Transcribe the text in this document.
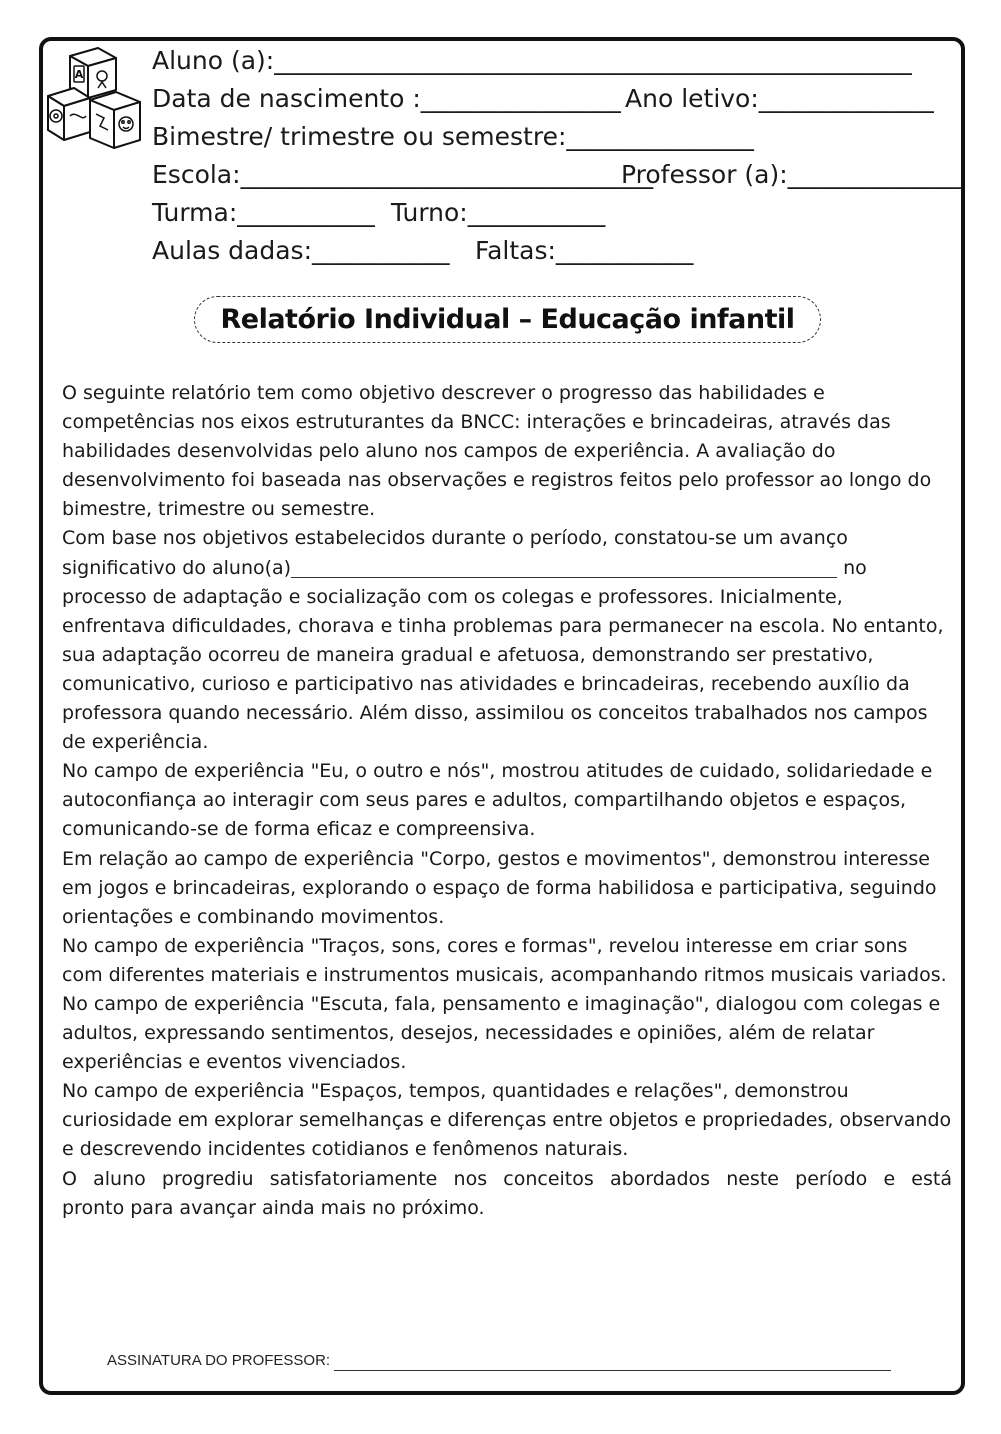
A	Aluno (a):___________________________________________________
Data de nascimento :________________ Ano letivo:______________
Bimestre/ trimestre ou semestre:_______________
Escola:_________________________________
Professor (a):______________
Turma:___________ Turno:___________
Aulas dadas:___________ Faltas:___________
Relatório Individual – Educação infantil

O seguinte relatório tem como objetivo descrever o progresso das habilidades e competências nos eixos estruturantes da BNCC: interações e brincadeiras, através das habilidades desenvolvidas pelo aluno nos campos de experiência. A avaliação do desenvolvimento foi baseada nas observações e registros feitos pelo professor ao longo do bimestre, trimestre ou semestre.

Com base nos objetivos estabelecidos durante o período, constatou-se um avanço significativo do aluno(a)	no processo de adaptação e socialização com os colegas e professores. Inicialmente, enfrentava dificuldades, chorava e tinha problemas para permanecer na escola. No entanto, sua adaptação ocorreu de maneira gradual e afetuosa, demonstrando ser prestativo, comunicativo, curioso e participativo nas atividades e brincadeiras, recebendo auxílio da professora quando necessário. Além disso, assimilou os conceitos trabalhados nos campos de experiência.

No campo de experiência "Eu, o outro e nós", mostrou atitudes de cuidado, solidariedade e autoconfiança ao interagir com seus pares e adultos, compartilhando objetos e espaços, comunicando-se de forma eficaz e compreensiva.

Em relação ao campo de experiência "Corpo, gestos e movimentos", demonstrou interesse em jogos e brincadeiras, explorando o espaço de forma habilidosa e participativa, seguindo orientações e combinando movimentos.

No campo de experiência "Traços, sons, cores e formas", revelou interesse em criar sons com diferentes materiais e instrumentos musicais, acompanhando ritmos musicais variados.

No campo de experiência "Escuta, fala, pensamento e imaginação", dialogou com colegas e adultos, expressando sentimentos, desejos, necessidades e opiniões, além de relatar experiências e eventos vivenciados.

No campo de experiência "Espaços, tempos, quantidades e relações", demonstrou curiosidade em explorar semelhanças e diferenças entre objetos e propriedades, observando e descrevendo incidentes cotidianos e fenômenos naturais.

O aluno progrediu satisfatoriamente nos conceitos abordados neste período e está

pronto para avançar ainda mais no próximo.

ASSINATURA DO PROFESSOR:
